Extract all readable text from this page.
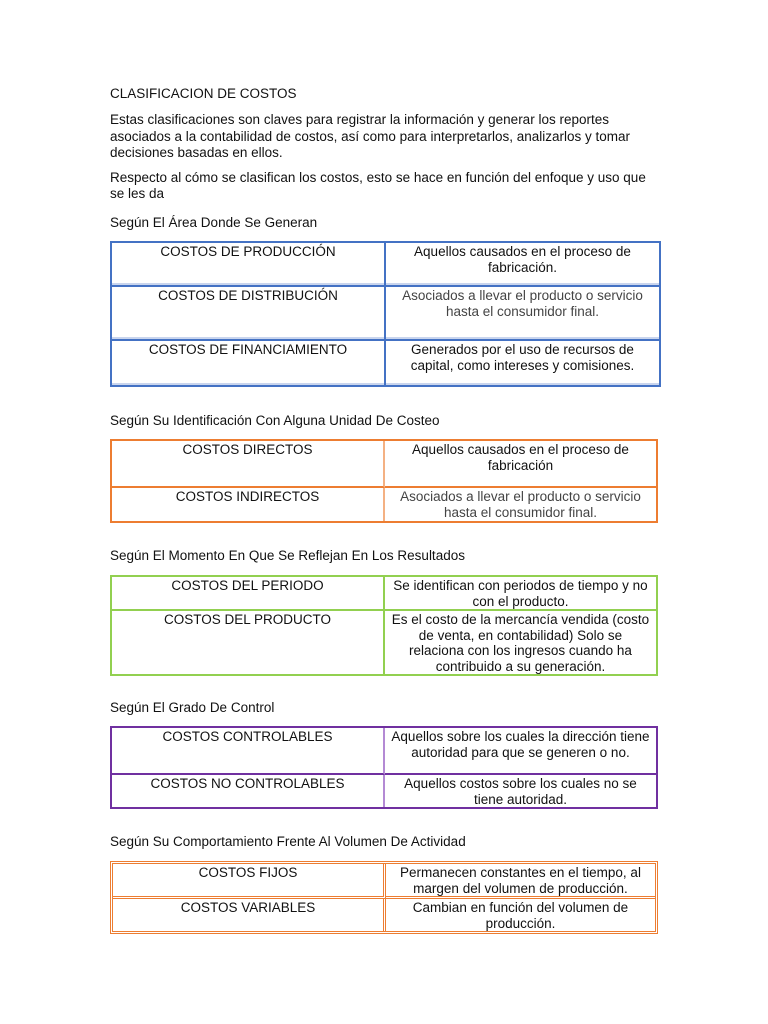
CLASIFICACION DE COSTOS

Estas clasificaciones son claves para registrar la información y generar los reportes asociados a la contabilidad de costos, así como para interpretarlos, analizarlos y tomar decisiones basadas en ellos.

Respecto al cómo se clasifican los costos, esto se hace en función del enfoque y uso que se les da

Según El Área Donde Se Generan
COSTOS DE PRODUCCIÓN	Aquellos causados en el proceso de fabricación.
COSTOS DE DISTRIBUCIÓN	Asociados a llevar el producto o servicio hasta el consumidor final.
COSTOS DE FINANCIAMIENTO	Generados por el uso de recursos de capital, como intereses y comisiones.
Según Su Identificación Con Alguna Unidad De Costeo
COSTOS DIRECTOS	Aquellos causados en el proceso de fabricación
COSTOS INDIRECTOS	Asociados a llevar el producto o servicio hasta el consumidor final.
Según El Momento En Que Se Reflejan En Los Resultados
COSTOS DEL PERIODO	Se identifican con periodos de tiempo y no con el producto.
COSTOS DEL PRODUCTO	Es el costo de la mercancía vendida (costo de venta, en contabilidad) Solo se relaciona con los ingresos cuando ha contribuido a su generación.
Según El Grado De Control
COSTOS CONTROLABLES	Aquellos sobre los cuales la dirección tiene autoridad para que se generen o no.
COSTOS NO CONTROLABLES	Aquellos costos sobre los cuales no se tiene autoridad.
Según Su Comportamiento Frente Al Volumen De Actividad
COSTOS FIJOS	Permanecen constantes en el tiempo, al margen del volumen de producción.
COSTOS VARIABLES	Cambian en función del volumen de producción.
